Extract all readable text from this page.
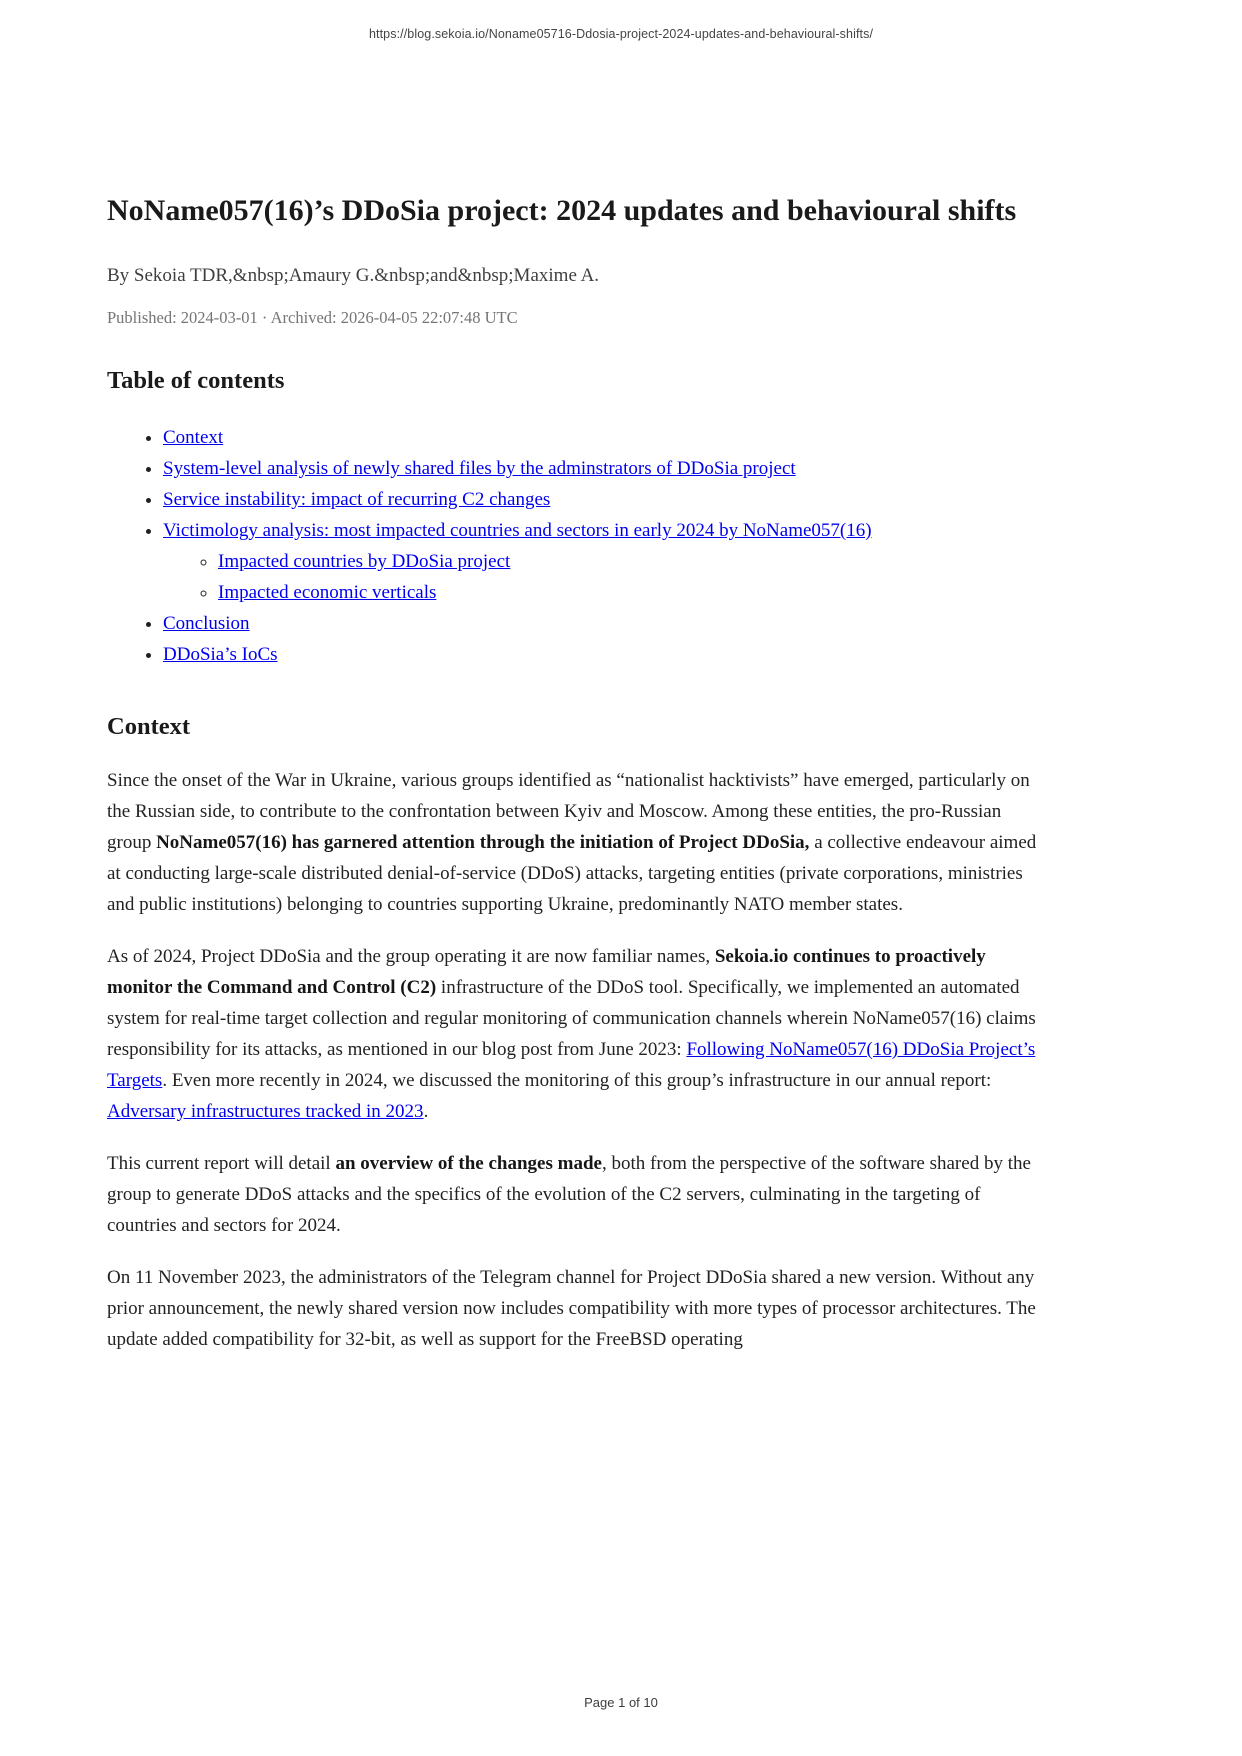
https://blog.sekoia.io/Noname05716-Ddosia-project-2024-updates-and-behavioural-shifts/
NoName057(16)’s DDoSia project: 2024 updates and behavioural shifts
By Sekoia TDR,&nbsp;Amaury G.&nbsp;and&nbsp;Maxime A.
Published: 2024-03-01 · Archived: 2026-04-05 22:07:48 UTC
Table of contents
• Context
• System-level analysis of newly shared files by the adminstrators of DDoSia project
• Service instability: impact of recurring C2 changes
• Victimology analysis: most impacted countries and sectors in early 2024 by NoName057(16)
◦ Impacted countries by DDoSia project
◦ Impacted economic verticals
• Conclusion
• DDoSia’s IoCs
Context

Since the onset of the War in Ukraine, various groups identified as “nationalist hacktivists” have emerged, particularly on the Russian side, to contribute to the confrontation between Kyiv and Moscow. Among these entities, the pro-Russian group NoName057(16) has garnered attention through the initiation of Project DDoSia, a collective endeavour aimed at conducting large-scale distributed denial-of-service (DDoS) attacks, targeting entities (private corporations, ministries and public institutions) belonging to countries supporting Ukraine, predominantly NATO member states.

As of 2024, Project DDoSia and the group operating it are now familiar names, Sekoia.io continues to proactively monitor the Command and Control (C2) infrastructure of the DDoS tool. Specifically, we implemented an automated system for real-time target collection and regular monitoring of communication channels wherein NoName057(16) claims responsibility for its attacks, as mentioned in our blog post from June 2023: Following NoName057(16) DDoSia Project’s Targets. Even more recently in 2024, we discussed the monitoring of this group’s infrastructure in our annual report: Adversary infrastructures tracked in 2023.

This current report will detail an overview of the changes made, both from the perspective of the software shared by the group to generate DDoS attacks and the specifics of the evolution of the C2 servers, culminating in the targeting of countries and sectors for 2024.

On 11 November 2023, the administrators of the Telegram channel for Project DDoSia shared a new version. Without any prior announcement, the newly shared version now includes compatibility with more types of processor architectures. The update added compatibility for 32-bit, as well as support for the FreeBSD operating

Page 1 of 10
